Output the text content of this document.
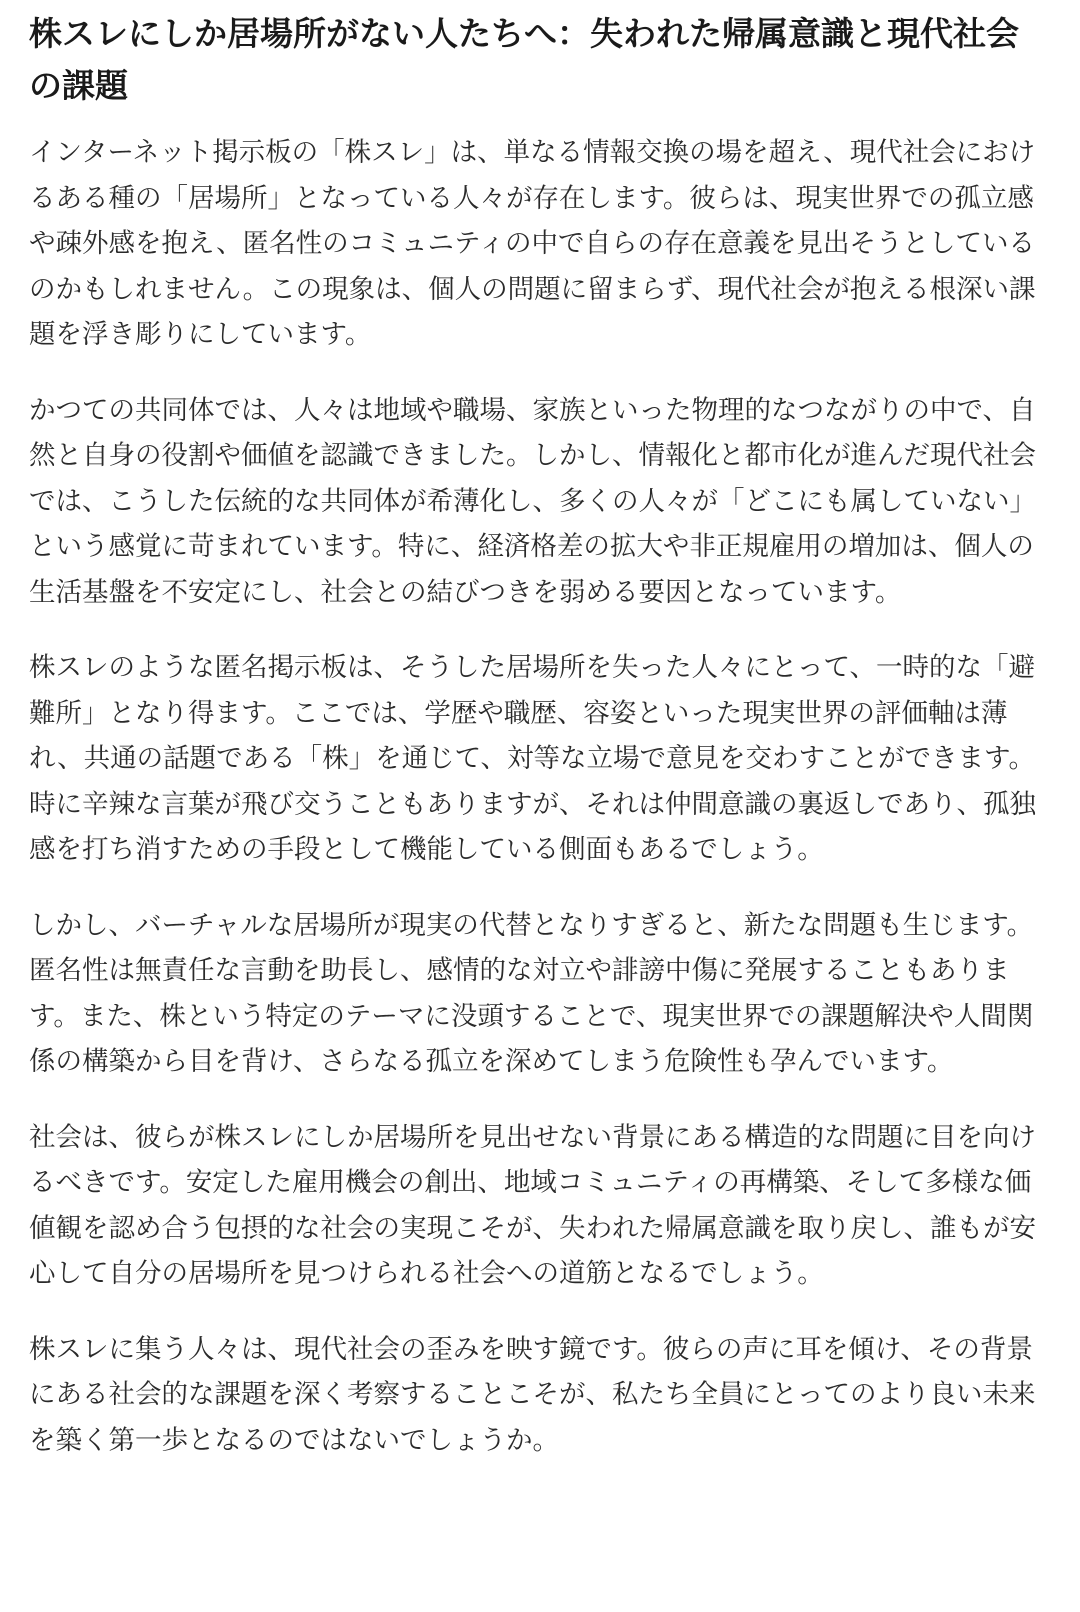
株スレにしか居場所がない人たちへ：失われた帰属意識と現代社会の課題

インターネット掲示板の「株スレ」は、単なる情報交換の場を超え、現代社会におけるある種の「居場所」となっている人々が存在します。彼らは、現実世界での孤立感や疎外感を抱え、匿名性のコミュニティの中で自らの存在意義を見出そうとしているのかもしれません。この現象は、個人の問題に留まらず、現代社会が抱える根深い課題を浮き彫りにしています。

かつての共同体では、人々は地域や職場、家族といった物理的なつながりの中で、自然と自身の役割や価値を認識できました。しかし、情報化と都市化が進んだ現代社会では、こうした伝統的な共同体が希薄化し、多くの人々が「どこにも属していない」という感覚に苛まれています。特に、経済格差の拡大や非正規雇用の増加は、個人の生活基盤を不安定にし、社会との結びつきを弱める要因となっています。

株スレのような匿名掲示板は、そうした居場所を失った人々にとって、一時的な「避難所」となり得ます。ここでは、学歴や職歴、容姿といった現実世界の評価軸は薄れ、共通の話題である「株」を通じて、対等な立場で意見を交わすことができます。時に辛辣な言葉が飛び交うこともありますが、それは仲間意識の裏返しであり、孤独感を打ち消すための手段として機能している側面もあるでしょう。

しかし、バーチャルな居場所が現実の代替となりすぎると、新たな問題も生じます。匿名性は無責任な言動を助長し、感情的な対立や誹謗中傷に発展することもあります。また、株という特定のテーマに没頭することで、現実世界での課題解決や人間関係の構築から目を背け、さらなる孤立を深めてしまう危険性も孕んでいます。

社会は、彼らが株スレにしか居場所を見出せない背景にある構造的な問題に目を向けるべきです。安定した雇用機会の創出、地域コミュニティの再構築、そして多様な価値観を認め合う包摂的な社会の実現こそが、失われた帰属意識を取り戻し、誰もが安心して自分の居場所を見つけられる社会への道筋となるでしょう。

株スレに集う人々は、現代社会の歪みを映す鏡です。彼らの声に耳を傾け、その背景にある社会的な課題を深く考察することこそが、私たち全員にとってのより良い未来を築く第一歩となるのではないでしょうか。
